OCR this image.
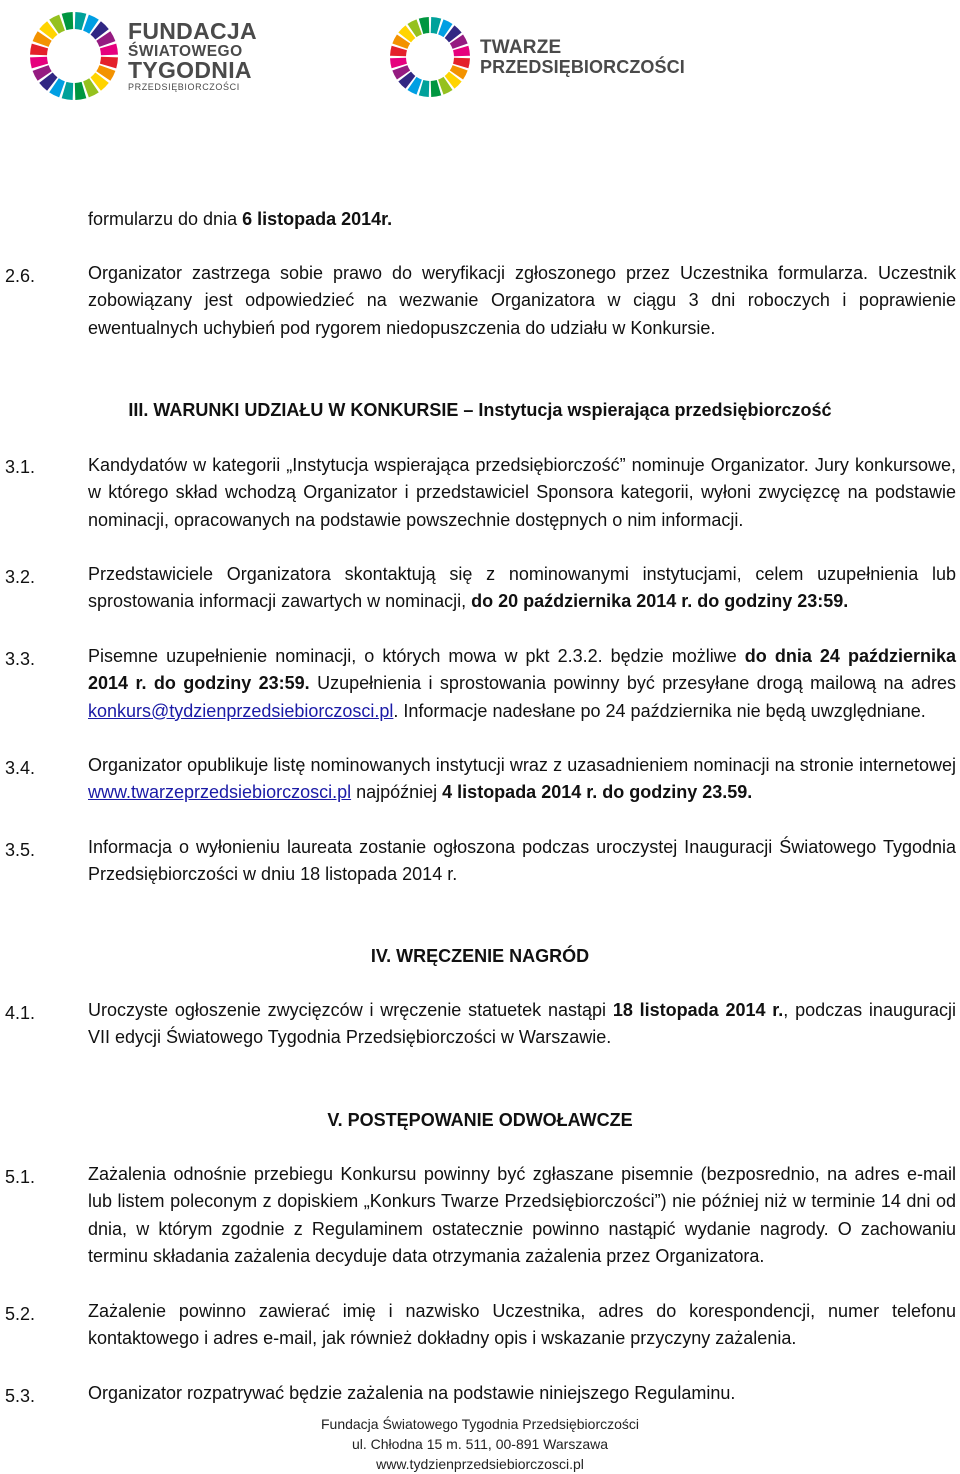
FUNDACJA
ŚWIATOWEGO
TYGODNIA
PRZEDSIĘBIORCZOŚCI
TWARZE
PRZEDSIĘBIORCZOŚCI
formularzu do dnia 6 listopada 2014r.
2.6.	Organizator zastrzega sobie prawo do weryfikacji zgłoszonego przez Uczestnika formularza. Uczestnik zobowiązany jest odpowiedzieć na wezwanie Organizatora w ciągu 3 dni roboczych i poprawienie ewentualnych uchybień pod rygorem niedopuszczenia do udziału w Konkursie.
III. WARUNKI UDZIAŁU W KONKURSIE – Instytucja wspierająca przedsiębiorczość
3.1.	Kandydatów w kategorii „Instytucja wspierająca przedsiębiorczość” nominuje Organizator. Jury konkursowe, w którego skład wchodzą Organizator i przedstawiciel Sponsora kategorii, wyłoni zwycięzcę na podstawie nominacji, opracowanych na podstawie powszechnie dostępnych o nim informacji.
3.2.	Przedstawiciele Organizatora skontaktują się z nominowanymi instytucjami, celem uzupełnienia lub sprostowania informacji zawartych w nominacji, do 20 października 2014 r. do godziny 23:59.
3.3.	Pisemne uzupełnienie nominacji, o których mowa w pkt 2.3.2. będzie możliwe do dnia 24 października 2014 r. do godziny 23:59. Uzupełnienia i sprostowania powinny być przesyłane drogą mailową na adres konkurs@tydzienprzedsiebiorczosci.pl. Informacje nadesłane po 24 października nie będą uwzględniane.
3.4.	Organizator opublikuje listę nominowanych instytucji wraz z uzasadnieniem nominacji na stronie internetowej www.twarzeprzedsiebiorczosci.pl najpóźniej 4 listopada 2014 r. do godziny 23.59.
3.5.	Informacja o wyłonieniu laureata zostanie ogłoszona podczas uroczystej Inauguracji Światowego Tygodnia Przedsiębiorczości w dniu 18 listopada 2014 r.
IV. WRĘCZENIE NAGRÓD
4.1.	Uroczyste ogłoszenie zwycięzców i wręczenie statuetek nastąpi 18 listopada 2014 r., podczas inauguracji VII edycji Światowego Tygodnia Przedsiębiorczości w Warszawie.
V. POSTĘPOWANIE ODWOŁAWCZE
5.1.	Zażalenia odnośnie przebiegu Konkursu powinny być zgłaszane pisemnie (bezposrednio, na adres e-mail lub listem poleconym z dopiskiem „Konkurs Twarze Przedsiębiorczości”) nie później niż w terminie 14 dni od dnia, w którym zgodnie z Regulaminem ostatecznie powinno nastąpić wydanie nagrody. O zachowaniu terminu składania zażalenia decyduje data otrzymania zażalenia przez Organizatora.
5.2.	Zażalenie powinno zawierać imię i nazwisko Uczestnika, adres do korespondencji, numer telefonu kontaktowego i adres e-mail, jak również dokładny opis i wskazanie przyczyny zażalenia.
5.3.	Organizator rozpatrywać będzie zażalenia na podstawie niniejszego Regulaminu.
Fundacja Światowego Tygodnia Przedsiębiorczości
ul. Chłodna 15 m. 511, 00-891 Warszawa
www.tydzienprzedsiebiorczosci.pl
